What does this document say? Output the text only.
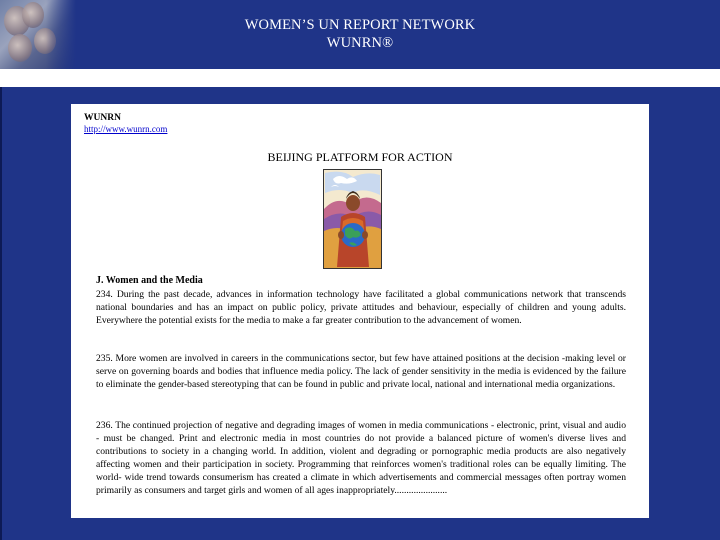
WOMEN’S UN REPORT NETWORK
WUNRN®
WUNRN
http://www.wunrn.com
BEIJING PLATFORM FOR ACTION
J. Women and the Media

234. During the past decade, advances in information technology have facilitated a global communications network that transcends national boundaries and has an impact on public policy, private attitudes and behaviour, especially of children and young adults. Everywhere the potential exists for the media to make a far greater contribution to the advancement of women.

235. More women are involved in careers in the communications sector, but few have attained positions at the decision -making level or serve on governing boards and bodies that influence media policy. The lack of gender sensitivity in the media is evidenced by the failure to eliminate the gender-based stereotyping that can be found in public and private local, national and international media organizations.

236. The continued projection of negative and degrading images of women in media communications - electronic, print, visual and audio - must be changed. Print and electronic media in most countries do not provide a balanced picture of women's diverse lives and contributions to society in a changing world. In addition, violent and degrading or pornographic media products are also negatively affecting women and their participation in society. Programming that reinforces women's traditional roles can be equally limiting. The world- wide trend towards consumerism has created a climate in which advertisements and commercial messages often portray women primarily as consumers and target girls and women of all ages inappropriately......................
